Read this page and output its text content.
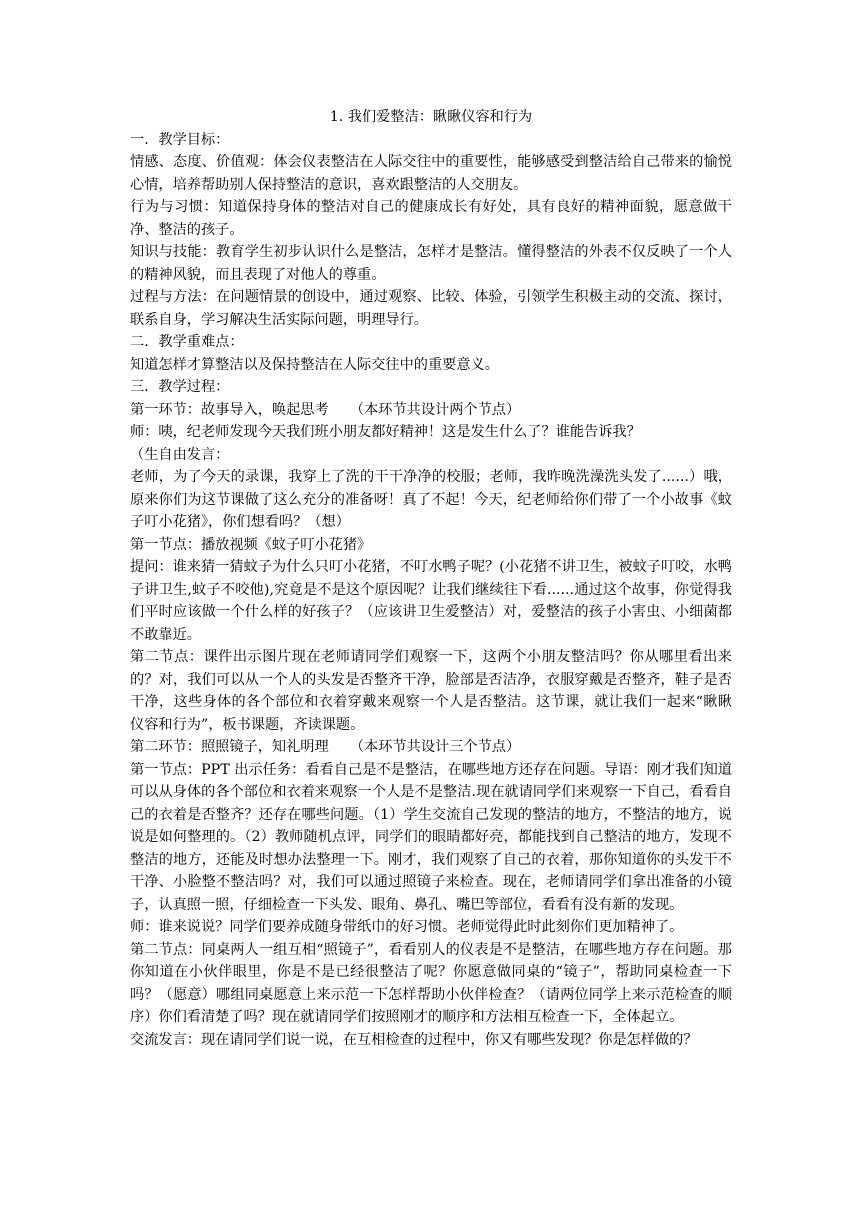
1. 我们爱整洁：瞅瞅仪容和行为

一．教学目标：

情感、态度、价值观：体会仪表整洁在人际交往中的重要性，能够感受到整洁给自己带来的愉悦心情，培养帮助别人保持整洁的意识，喜欢跟整洁的人交朋友。

行为与习惯：知道保持身体的整洁对自己的健康成长有好处，具有良好的精神面貌，愿意做干净、整洁的孩子。

知识与技能：教育学生初步认识什么是整洁，怎样才是整洁。懂得整洁的外表不仅反映了一个人的精神风貌，而且表现了对他人的尊重。

过程与方法：在问题情景的创设中，通过观察、比较、体验，引领学生积极主动的交流、探讨，联系自身，学习解决生活实际问题，明理导行。

二．教学重难点：

知道怎样才算整洁以及保持整洁在人际交往中的重要意义。

三．教学过程：

第一环节：故事导入，唤起思考　　（本环节共设计两个节点）

师：咦，纪老师发现今天我们班小朋友都好精神！这是发生什么了？谁能告诉我？

（生自由发言：

老师，为了今天的录课，我穿上了洗的干干净净的校服；老师，我昨晚洗澡洗头发了......）哦，原来你们为这节课做了这么充分的准备呀！真了不起！今天，纪老师给你们带了一个小故事《蚊子叮小花猪》，你们想看吗？（想）

第一节点：播放视频《蚊子叮小花猪》

提问：谁来猜一猜蚊子为什么只叮小花猪，不叮水鸭子呢？(小花猪不讲卫生，被蚊子叮咬，水鸭子讲卫生,蚊子不咬他),究竟是不是这个原因呢？让我们继续往下看......通过这个故事，你觉得我们平时应该做一个什么样的好孩子？（应该讲卫生爱整洁）对，爱整洁的孩子小害虫、小细菌都不敢靠近。

第二节点：课件出示图片现在老师请同学们观察一下，这两个小朋友整洁吗？你从哪里看出来的？对，我们可以从一个人的头发是否整齐干净，脸部是否洁净，衣服穿戴是否整齐，鞋子是否干净，这些身体的各个部位和衣着穿戴来观察一个人是否整洁。这节课，就让我们一起来“瞅瞅仪容和行为”，板书课题，齐读课题。

第二环节：照照镜子，知礼明理　　（本环节共设计三个节点）

第一节点：PPT 出示任务：看看自己是不是整洁，在哪些地方还存在问题。导语：刚才我们知道可以从身体的各个部位和衣着来观察一个人是不是整洁.现在就请同学们来观察一下自己，看看自己的衣着是否整齐？还存在哪些问题。（1）学生交流自己发现的整洁的地方，不整洁的地方，说说是如何整理的。（2）教师随机点评，同学们的眼睛都好亮，都能找到自己整洁的地方，发现不整洁的地方，还能及时想办法整理一下。刚才，我们观察了自己的衣着，那你知道你的头发干不干净、小脸整不整洁吗？对，我们可以通过照镜子来检查。现在，老师请同学们拿出准备的小镜子，认真照一照，仔细检查一下头发、眼角、鼻孔、嘴巴等部位，看看有没有新的发现。

师：谁来说说？同学们要养成随身带纸巾的好习惯。老师觉得此时此刻你们更加精神了。

第二节点：同桌两人一组互相“照镜子”，看看别人的仪表是不是整洁，在哪些地方存在问题。那你知道在小伙伴眼里，你是不是已经很整洁了呢？你愿意做同桌的“镜子”，帮助同桌检查一下吗？（愿意）哪组同桌愿意上来示范一下怎样帮助小伙伴检查？（请两位同学上来示范检查的顺序）你们看清楚了吗？现在就请同学们按照刚才的顺序和方法相互检查一下，全体起立。

交流发言：现在请同学们说一说，在互相检查的过程中，你又有哪些发现？你是怎样做的？
